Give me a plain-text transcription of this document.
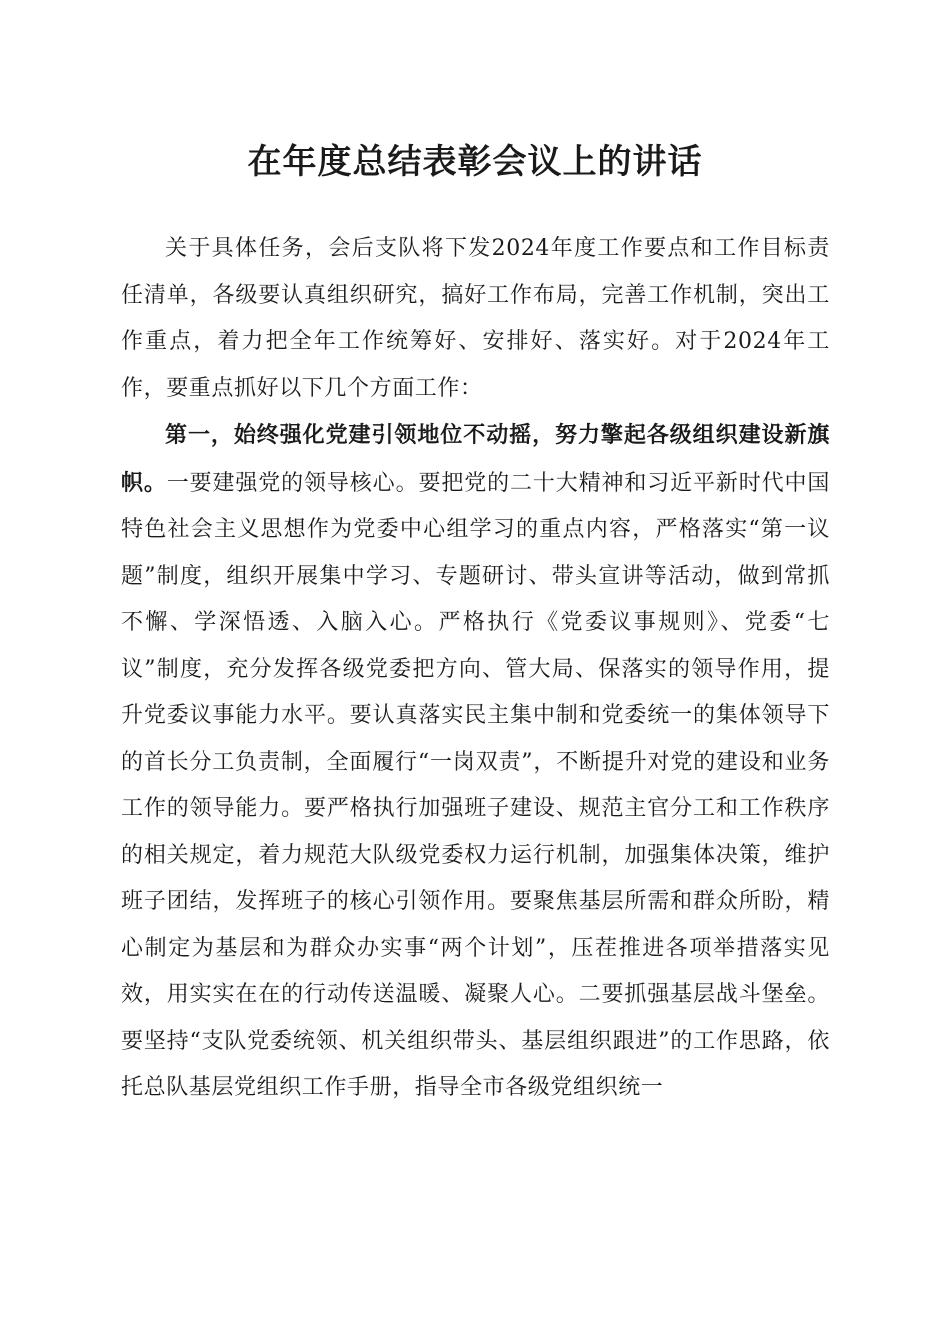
在年度总结表彰会议上的讲话

关于具体任务，会后支队将下发2024年度工作要点和工作目标责任清单，各级要认真组织研究，搞好工作布局，完善工作机制，突出工作重点，着力把全年工作统筹好、安排好、落实好。对于2024年工作，要重点抓好以下几个方面工作：

第一，始终强化党建引领地位不动摇，努力擎起各级组织建设新旗帜。一要建强党的领导核心。要把党的二十大精神和习近平新时代中国特色社会主义思想作为党委中心组学习的重点内容，严格落实“第一议题”制度，组织开展集中学习、专题研讨、带头宣讲等活动，做到常抓不懈、学深悟透、入脑入心。严格执行《党委议事规则》、党委“七议”制度，充分发挥各级党委把方向、管大局、保落实的领导作用，提升党委议事能力水平。要认真落实民主集中制和党委统一的集体领导下的首长分工负责制，全面履行“一岗双责”，不断提升对党的建设和业务工作的领导能力。要严格执行加强班子建设、规范主官分工和工作秩序的相关规定，着力规范大队级党委权力运行机制，加强集体决策，维护班子团结，发挥班子的核心引领作用。要聚焦基层所需和群众所盼，精心制定为基层和为群众办实事“两个计划”，压茬推进各项举措落实见效，用实实在在的行动传送温暖、凝聚人心。二要抓强基层战斗堡垒。要坚持“支队党委统领、机关组织带头、基层组织跟进”的工作思路，依托总队基层党组织工作手册，指导全市各级党组织统一
